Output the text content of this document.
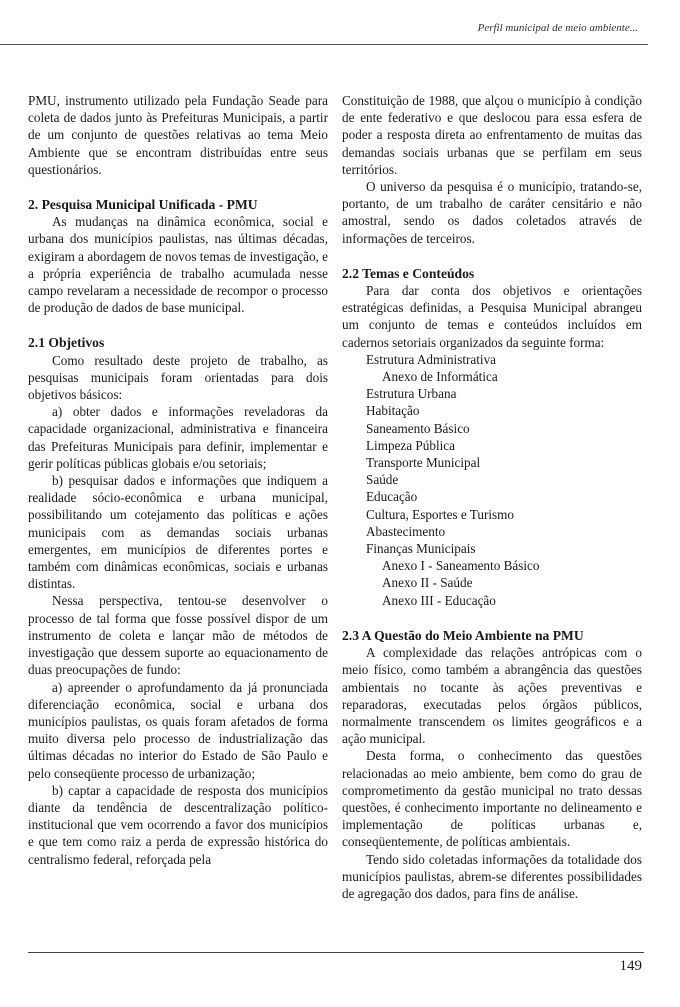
Perfil municipal de meio ambiente...

PMU, instrumento utilizado pela Fundação Seade para coleta de dados junto às Prefeituras Municipais, a partir de um conjunto de questões relativas ao tema Meio Ambiente que se encontram distribuídas entre seus questionários.

2. Pesquisa Municipal Unificada - PMU

As mudanças na dinâmica econômica, social e urbana dos municípios paulistas, nas últimas décadas, exigiram a abordagem de novos temas de investigação, e a própria experiência de trabalho acumulada nesse campo revelaram a necessidade de recompor o processo de produção de dados de base municipal.

2.1 Objetivos

Como resultado deste projeto de trabalho, as pesquisas municipais foram orientadas para dois objetivos básicos:

a) obter dados e informações reveladoras da capacidade organizacional, administrativa e financeira das Prefeituras Municipais para definir, implementar e gerir políticas públicas globais e/ou setoriais;

b) pesquisar dados e informações que indiquem a realidade sócio-econômica e urbana municipal, possibilitando um cotejamento das políticas e ações municipais com as demandas sociais urbanas emergentes, em municípios de diferentes portes e também com dinâmicas econômicas, sociais e urbanas distintas.

Nessa perspectiva, tentou-se desenvolver o processo de tal forma que fosse possível dispor de um instrumento de coleta e lançar mão de métodos de investigação que dessem suporte ao equacionamento de duas preocupações de fundo:

a) apreender o aprofundamento da já pronunciada diferenciação econômica, social e urbana dos municípios paulistas, os quais foram afetados de forma muito diversa pelo processo de industrialização das últimas décadas no interior do Estado de São Paulo e pelo conseqüente processo de urbanização;

b) captar a capacidade de resposta dos municípios diante da tendência de descentralização político-institucional que vem ocorrendo a favor dos municípios e que tem como raiz a perda de expressão histórica do centralismo federal, reforçada pela

Constituição de 1988, que alçou o município à condição de ente federativo e que deslocou para essa esfera de poder a resposta direta ao enfrentamento de muitas das demandas sociais urbanas que se perfilam em seus territórios.

O universo da pesquisa é o município, tratando-se, portanto, de um trabalho de caráter censitário e não amostral, sendo os dados coletados através de informações de terceiros.

2.2 Temas e Conteúdos

Para dar conta dos objetivos e orientações estratégicas definidas, a Pesquisa Municipal abrangeu um conjunto de temas e conteúdos incluídos em cadernos setoriais organizados da seguinte forma:

Estrutura Administrativa
Anexo de Informática
Estrutura Urbana
Habitação
Saneamento Básico
Limpeza Pública
Transporte Municipal
Saúde
Educação
Cultura, Esportes e Turismo
Abastecimento
Finanças Municipais
Anexo I - Saneamento Básico
Anexo II - Saúde
Anexo III - Educação
2.3 A Questão do Meio Ambiente na PMU

A complexidade das relações antrópicas com o meio físico, como também a abrangência das questões ambientais no tocante às ações preventivas e reparadoras, executadas pelos órgãos públicos, normalmente transcendem os limites geográficos e a ação municipal.

Desta forma, o conhecimento das questões relacionadas ao meio ambiente, bem como do grau de comprometimento da gestão municipal no trato dessas questões, é conhecimento importante no delineamento e implementação de políticas urbanas e, conseqüentemente, de políticas ambientais.

Tendo sido coletadas informações da totalidade dos municípios paulistas, abrem-se diferentes possibilidades de agregação dos dados, para fins de análise.

149
